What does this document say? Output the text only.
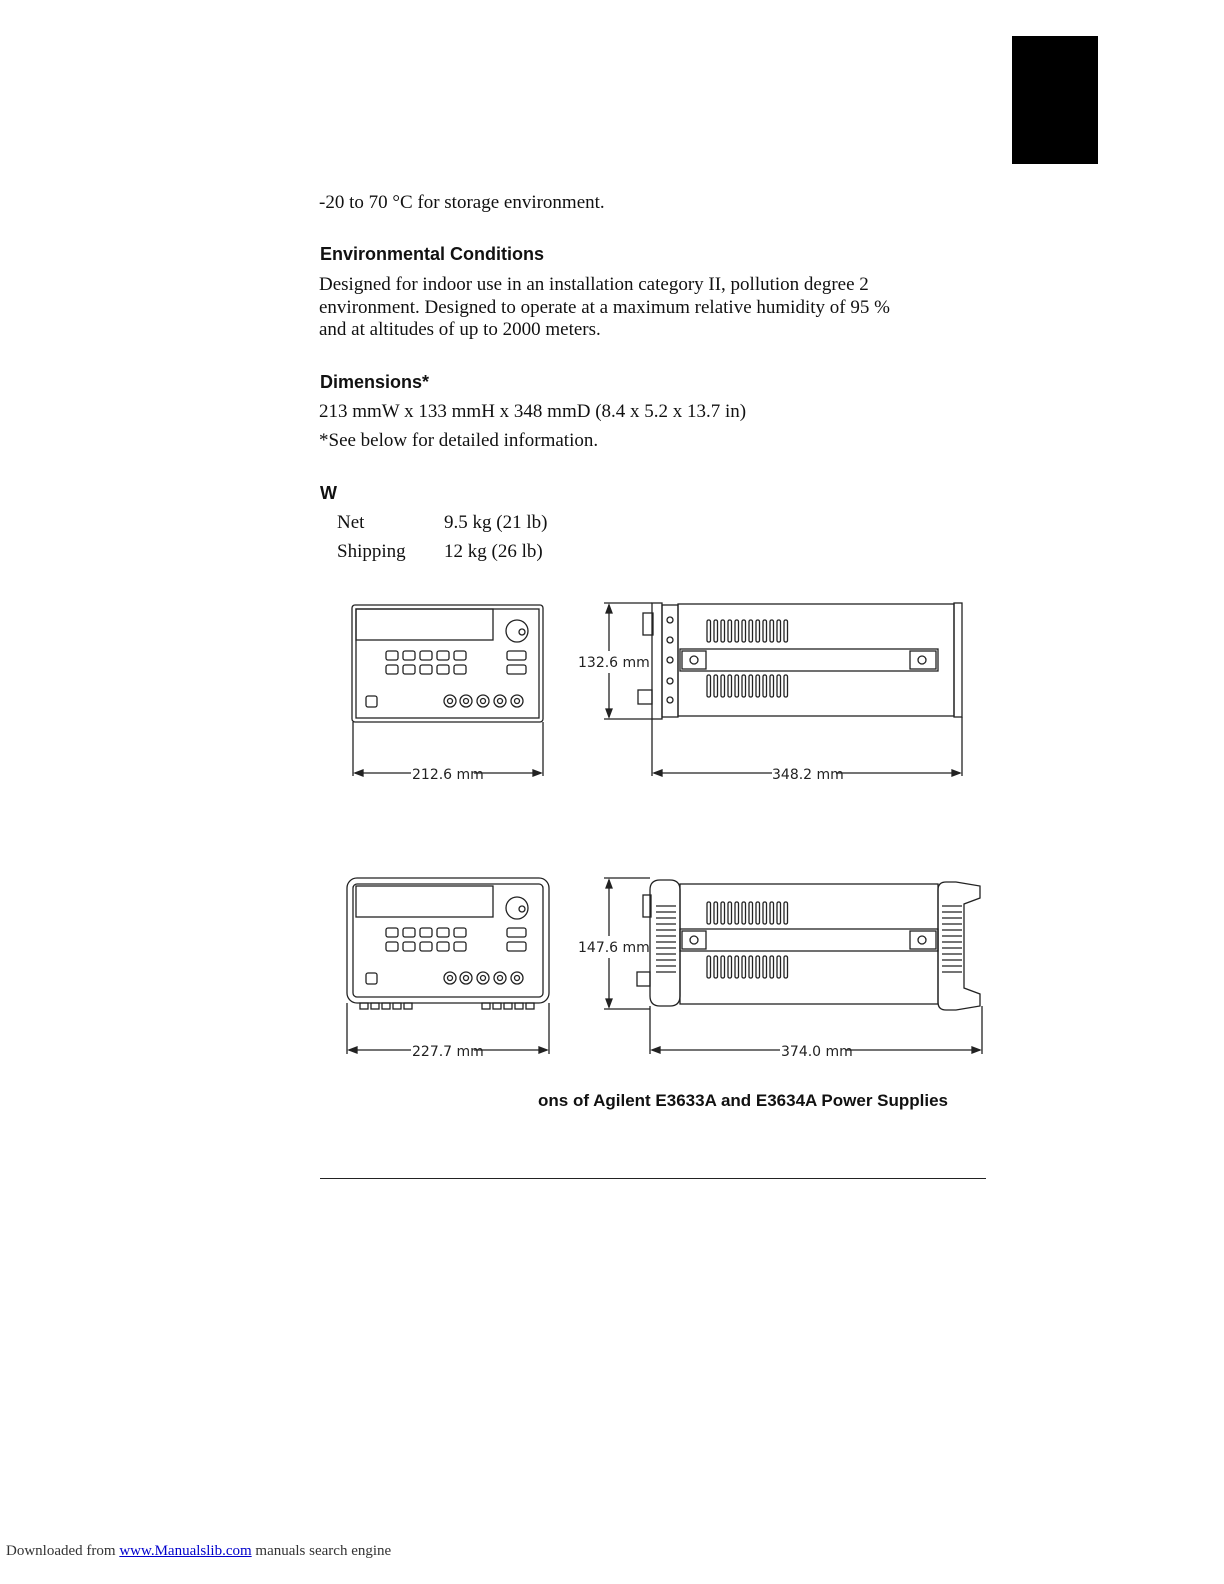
-20 to 70 °C for storage environment.
Environmental Conditions
Designed for indoor use in an installation category II, pollution degree 2
environment. Designed to operate at a maximum relative humidity of 95 %
and at altitudes of up to 2000 meters.
Dimensions*
213 mmW x 133 mmH x 348 mmD (8.4 x 5.2 x 13.7 in)
*See below for detailed information.
W
Net	9.5 kg (21 lb)
Shipping 12 kg (26 lb)
132.6 mm
212.6 mm	348.2 mm
147.6 mm
227.7 mm	374.0 mm
ons of Agilent E3633A and E3634A Power Supplies
Downloaded from www.Manualslib.com manuals search engine
